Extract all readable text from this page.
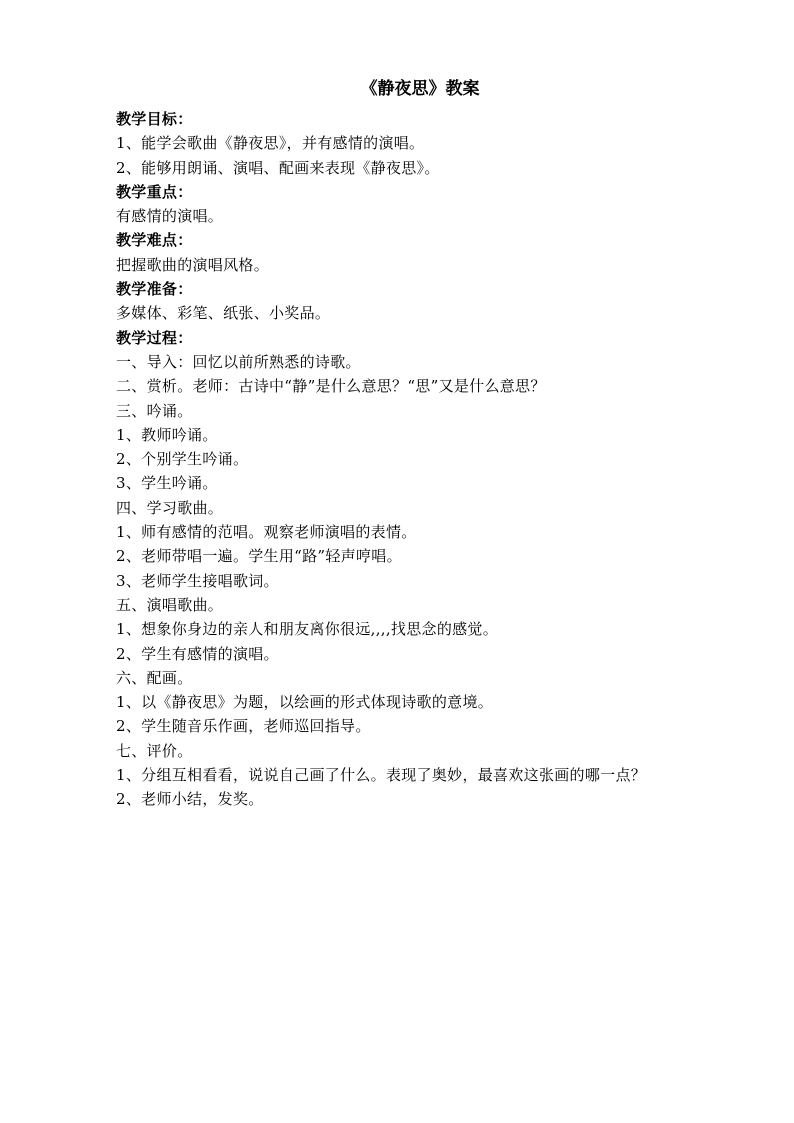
《静夜思》教案
教学目标：
1、能学会歌曲《静夜思》，并有感情的演唱。
2、能够用朗诵、演唱、配画来表现《静夜思》。
教学重点：
有感情的演唱。
教学难点：
把握歌曲的演唱风格。
教学准备：
多媒体、彩笔、纸张、小奖品。
教学过程：
一、导入：回忆以前所熟悉的诗歌。
二、赏析。老师：古诗中“静”是什么意思？“思”又是什么意思？
三、吟诵。
1、教师吟诵。
2、个别学生吟诵。
3、学生吟诵。
四、学习歌曲。
1、师有感情的范唱。观察老师演唱的表情。
2、老师带唱一遍。学生用“路”轻声哼唱。
3、老师学生接唱歌词。
五、演唱歌曲。
1、想象你身边的亲人和朋友离你很远,,,,找思念的感觉。
2、学生有感情的演唱。
六、配画。
1、以《静夜思》为题，以绘画的形式体现诗歌的意境。
2、学生随音乐作画，老师巡回指导。
七、评价。
1、分组互相看看，说说自己画了什么。表现了奥妙，最喜欢这张画的哪一点？
2、老师小结，发奖。
